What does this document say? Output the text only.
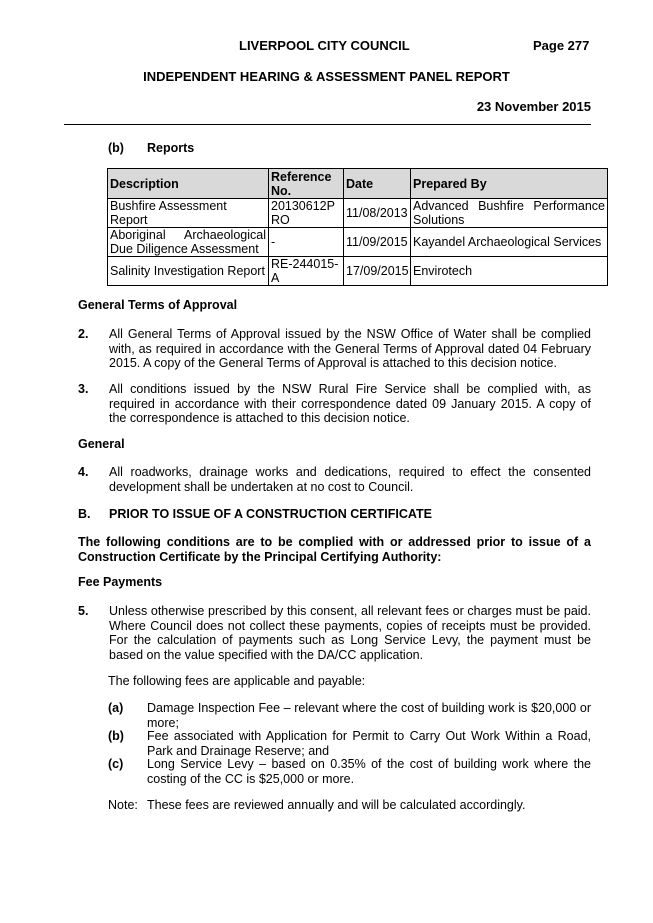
LIVERPOOL CITY COUNCIL	Page 277
INDEPENDENT HEARING & ASSESSMENT PANEL REPORT
23 November 2015
(b) Reports
Description	Reference No.	Date	Prepared By
Bushfire Assessment Report	20130612P RO	11/08/2013	Advanced Bushfire Performance Solutions
Aboriginal Archaeological Due Diligence Assessment	-	11/09/2015	Kayandel Archaeological Services
Salinity Investigation Report	RE-244015-A	17/09/2015	Envirotech
General Terms of Approval
2. All General Terms of Approval issued by the NSW Office of Water shall be complied with, as required in accordance with the General Terms of Approval dated 04 February 2015. A copy of the General Terms of Approval is attached to this decision notice.
3. All conditions issued by the NSW Rural Fire Service shall be complied with, as required in accordance with their correspondence dated 09 January 2015. A copy of the correspondence is attached to this decision notice.
General
4. All roadworks, drainage works and dedications, required to effect the consented development shall be undertaken at no cost to Council.
B. PRIOR TO ISSUE OF A CONSTRUCTION CERTIFICATE
The following conditions are to be complied with or addressed prior to issue of a Construction Certificate by the Principal Certifying Authority:
Fee Payments
5. Unless otherwise prescribed by this consent, all relevant fees or charges must be paid. Where Council does not collect these payments, copies of receipts must be provided. For the calculation of payments such as Long Service Levy, the payment must be based on the value specified with the DA/CC application.
The following fees are applicable and payable:
(a) Damage Inspection Fee – relevant where the cost of building work is $20,000 or more;
(b) Fee associated with Application for Permit to Carry Out Work Within a Road, Park and Drainage Reserve; and
(c) Long Service Levy – based on 0.35% of the cost of building work where the costing of the CC is $25,000 or more.
Note: These fees are reviewed annually and will be calculated accordingly.
